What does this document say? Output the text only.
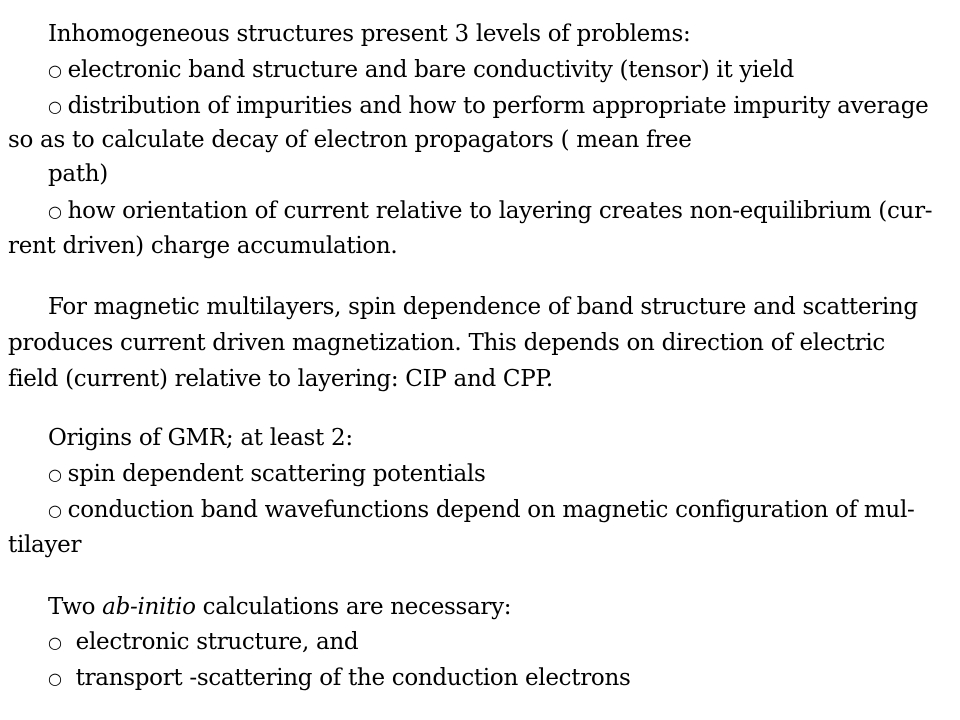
Inhomogeneous structures present 3 levels of problems:
○ electronic band structure and bare conductivity (tensor) it yield
○ distribution of impurities and how to perform appropriate impurity average
so as to calculate decay of electron propagators ( mean free
path)
○ how orientation of current relative to layering creates non-equilibrium (cur-
rent driven) charge accumulation.
For magnetic multilayers, spin dependence of band structure and scattering
produces current driven magnetization. This depends on direction of electric
field (current) relative to layering: CIP and CPP.
Origins of GMR; at least 2:
○ spin dependent scattering potentials
○ conduction band wavefunctions depend on magnetic configuration of mul-
tilayer
Two ab-initio calculations are necessary:
○ electronic structure, and
○ transport -scattering of the conduction electrons
